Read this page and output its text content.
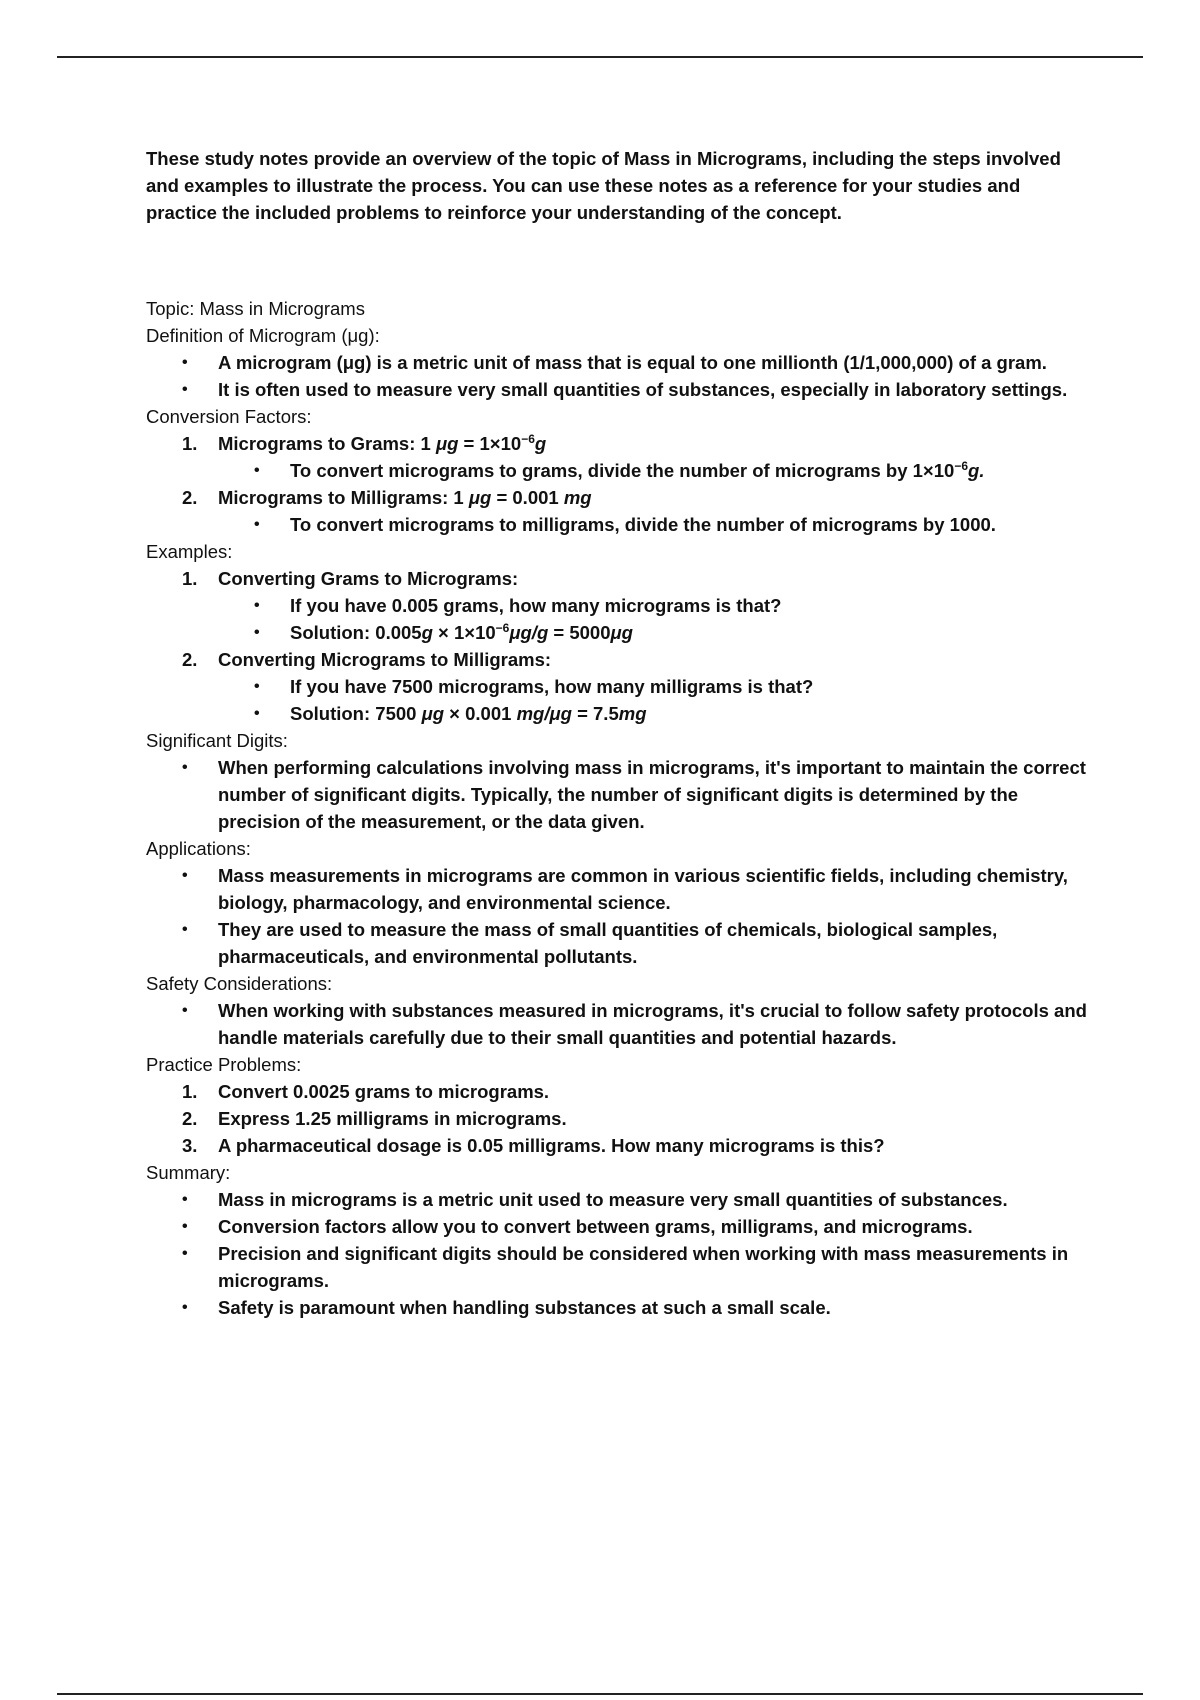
These study notes provide an overview of the topic of Mass in Micrograms, including the steps involved and examples to illustrate the process. You can use these notes as a reference for your studies and practice the included problems to reinforce your understanding of the concept.

Topic: Mass in Micrograms

Definition of Microgram (μg):

• A microgram (μg) is a metric unit of mass that is equal to one millionth (1/1,000,000) of a gram.
• It is often used to measure very small quantities of substances, especially in laboratory settings.

Conversion Factors:

1.	Micrograms to Grams: 1 $\mu g = 1\times 10^{-6}g$
• To convert micrograms to grams, divide the number of micrograms by $1\times 10^{-6}g$.
2.	Micrograms to Milligrams: 1 μg = 0.001 mg
• To convert micrograms to milligrams, divide the number of micrograms by 1000.

Examples:

1.	Converting Grams to Micrograms:
• If you have 0.005 grams, how many micrograms is that?
• Solution: $0.005g \times 1\times 10^{-6}\mu g/g = 5000\mu g$
2.	Converting Micrograms to Milligrams:
• If you have 7500 micrograms, how many milligrams is that?
• Solution: 7500 μg × 0.001 mg/μg = 7.5mg

Significant Digits:

• When performing calculations involving mass in micrograms, it's important to maintain the correct number of significant digits. Typically, the number of significant digits is determined by the precision of the measurement, or the data given.

Applications:

• Mass measurements in micrograms are common in various scientific fields, including chemistry, biology, pharmacology, and environmental science.
• They are used to measure the mass of small quantities of chemicals, biological samples, pharmaceuticals, and environmental pollutants.

Safety Considerations:

• When working with substances measured in micrograms, it's crucial to follow safety protocols and handle materials carefully due to their small quantities and potential hazards.

Practice Problems:

1.	Convert 0.0025 grams to micrograms.
2.	Express 1.25 milligrams in micrograms.
3.	A pharmaceutical dosage is 0.05 milligrams. How many micrograms is this?

Summary:

• Mass in micrograms is a metric unit used to measure very small quantities of substances.
• Conversion factors allow you to convert between grams, milligrams, and micrograms.
• Precision and significant digits should be considered when working with mass measurements in micrograms.
• Safety is paramount when handling substances at such a small scale.
